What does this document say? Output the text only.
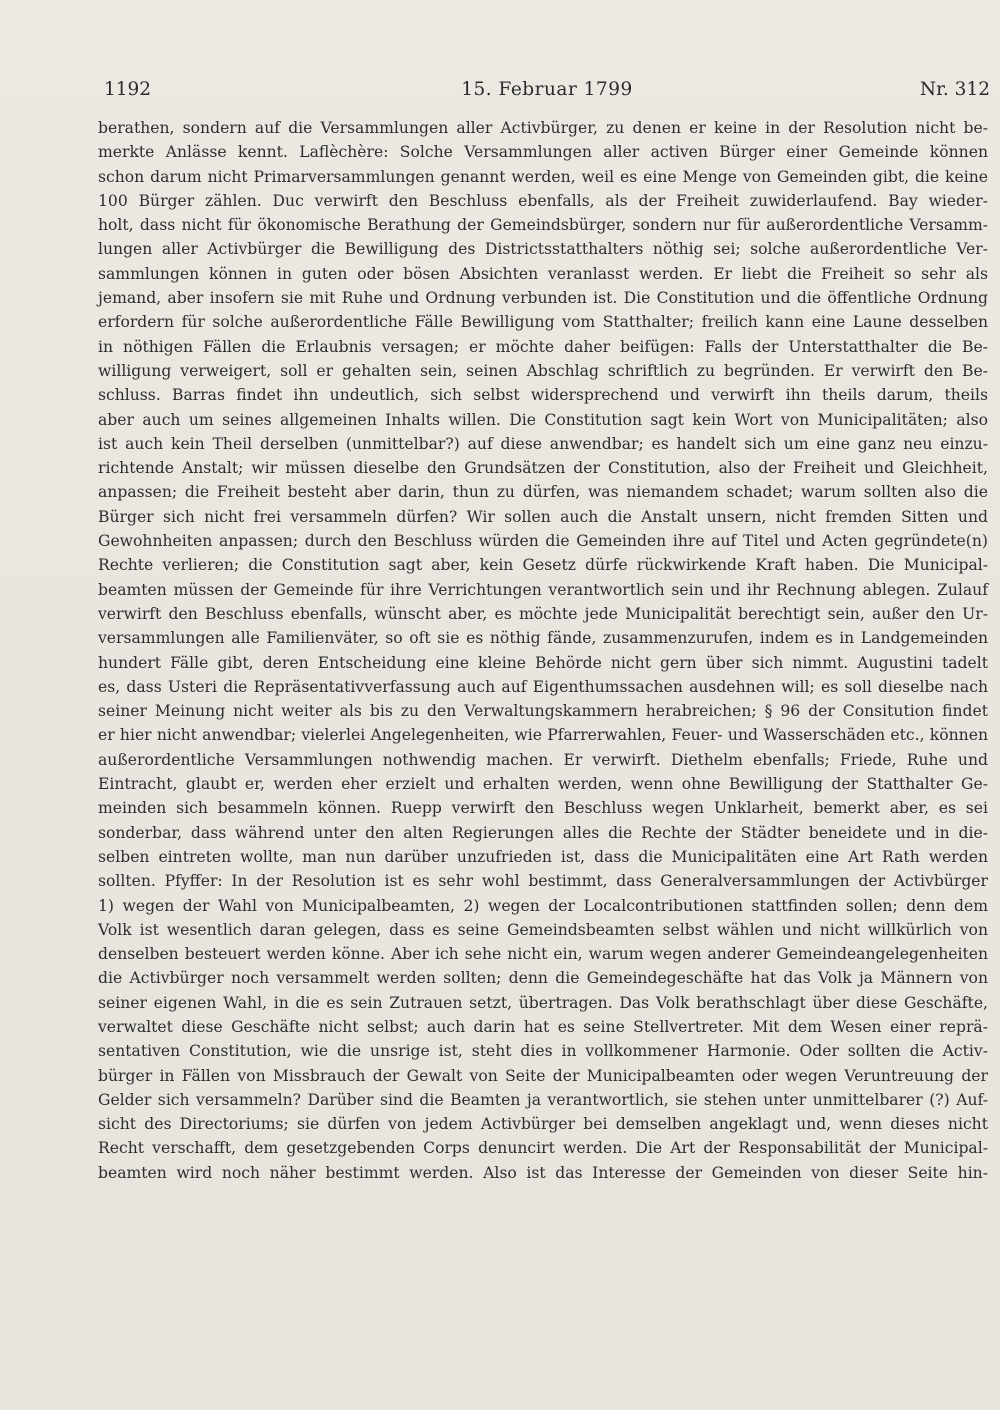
1192	15. Februar 1799	Nr. 312
berathen, sondern auf die Versammlungen aller Activbürger, zu denen er keine in der Resolution nicht be-
merkte Anlässe kennt. Laflèchère: Solche Versammlungen aller activen Bürger einer Gemeinde können
schon darum nicht Primarversammlungen genannt werden, weil es eine Menge von Gemeinden gibt, die keine
100 Bürger zählen. Duc verwirft den Beschluss ebenfalls, als der Freiheit zuwiderlaufend. Bay wieder-
holt, dass nicht für ökonomische Berathung der Gemeindsbürger, sondern nur für außerordentliche Versamm-
lungen aller Activbürger die Bewilligung des Districtsstatthalters nöthig sei; solche außerordentliche Ver-
sammlungen können in guten oder bösen Absichten veranlasst werden. Er liebt die Freiheit so sehr als
jemand, aber insofern sie mit Ruhe und Ordnung verbunden ist. Die Constitution und die öffentliche Ordnung
erfordern für solche außerordentliche Fälle Bewilligung vom Statthalter; freilich kann eine Laune desselben
in nöthigen Fällen die Erlaubnis versagen; er möchte daher beifügen: Falls der Unterstatthalter die Be-
willigung verweigert, soll er gehalten sein, seinen Abschlag schriftlich zu begründen. Er verwirft den Be-
schluss. Barras findet ihn undeutlich, sich selbst widersprechend und verwirft ihn theils darum, theils
aber auch um seines allgemeinen Inhalts willen. Die Constitution sagt kein Wort von Municipalitäten; also
ist auch kein Theil derselben (unmittelbar?) auf diese anwendbar; es handelt sich um eine ganz neu einzu-
richtende Anstalt; wir müssen dieselbe den Grundsätzen der Constitution, also der Freiheit und Gleichheit,
anpassen; die Freiheit besteht aber darin, thun zu dürfen, was niemandem schadet; warum sollten also die
Bürger sich nicht frei versammeln dürfen? Wir sollen auch die Anstalt unsern, nicht fremden Sitten und
Gewohnheiten anpassen; durch den Beschluss würden die Gemeinden ihre auf Titel und Acten gegründete(n)
Rechte verlieren; die Constitution sagt aber, kein Gesetz dürfe rückwirkende Kraft haben. Die Municipal-
beamten müssen der Gemeinde für ihre Verrichtungen verantwortlich sein und ihr Rechnung ablegen. Zulauf
verwirft den Beschluss ebenfalls, wünscht aber, es möchte jede Municipalität berechtigt sein, außer den Ur-
versammlungen alle Familienväter, so oft sie es nöthig fände, zusammenzurufen, indem es in Landgemeinden
hundert Fälle gibt, deren Entscheidung eine kleine Behörde nicht gern über sich nimmt. Augustini tadelt
es, dass Usteri die Repräsentativverfassung auch auf Eigenthumssachen ausdehnen will; es soll dieselbe nach
seiner Meinung nicht weiter als bis zu den Verwaltungskammern herabreichen; § 96 der Consitution findet
er hier nicht anwendbar; vielerlei Angelegenheiten, wie Pfarrerwahlen, Feuer- und Wasserschäden etc., können
außerordentliche Versammlungen nothwendig machen. Er verwirft. Diethelm ebenfalls; Friede, Ruhe und
Eintracht, glaubt er, werden eher erzielt und erhalten werden, wenn ohne Bewilligung der Statthalter Ge-
meinden sich besammeln können. Ruepp verwirft den Beschluss wegen Unklarheit, bemerkt aber, es sei
sonderbar, dass während unter den alten Regierungen alles die Rechte der Städter beneidete und in die-
selben eintreten wollte, man nun darüber unzufrieden ist, dass die Municipalitäten eine Art Rath werden
sollten. Pfyffer: In der Resolution ist es sehr wohl bestimmt, dass Generalversammlungen der Activbürger
1) wegen der Wahl von Municipalbeamten, 2) wegen der Localcontributionen stattfinden sollen; denn dem
Volk ist wesentlich daran gelegen, dass es seine Gemeindsbeamten selbst wählen und nicht willkürlich von
denselben besteuert werden könne. Aber ich sehe nicht ein, warum wegen anderer Gemeindeangelegenheiten
die Activbürger noch versammelt werden sollten; denn die Gemeindegeschäfte hat das Volk ja Männern von
seiner eigenen Wahl, in die es sein Zutrauen setzt, übertragen. Das Volk berathschlagt über diese Geschäfte,
verwaltet diese Geschäfte nicht selbst; auch darin hat es seine Stellvertreter. Mit dem Wesen einer reprä-
sentativen Constitution, wie die unsrige ist, steht dies in vollkommener Harmonie. Oder sollten die Activ-
bürger in Fällen von Missbrauch der Gewalt von Seite der Municipalbeamten oder wegen Veruntreuung der
Gelder sich versammeln? Darüber sind die Beamten ja verantwortlich, sie stehen unter unmittelbarer (?) Auf-
sicht des Directoriums; sie dürfen von jedem Activbürger bei demselben angeklagt und, wenn dieses nicht
Recht verschafft, dem gesetzgebenden Corps denuncirt werden. Die Art der Responsabilität der Municipal-
beamten wird noch näher bestimmt werden. Also ist das Interesse der Gemeinden von dieser Seite hin-
